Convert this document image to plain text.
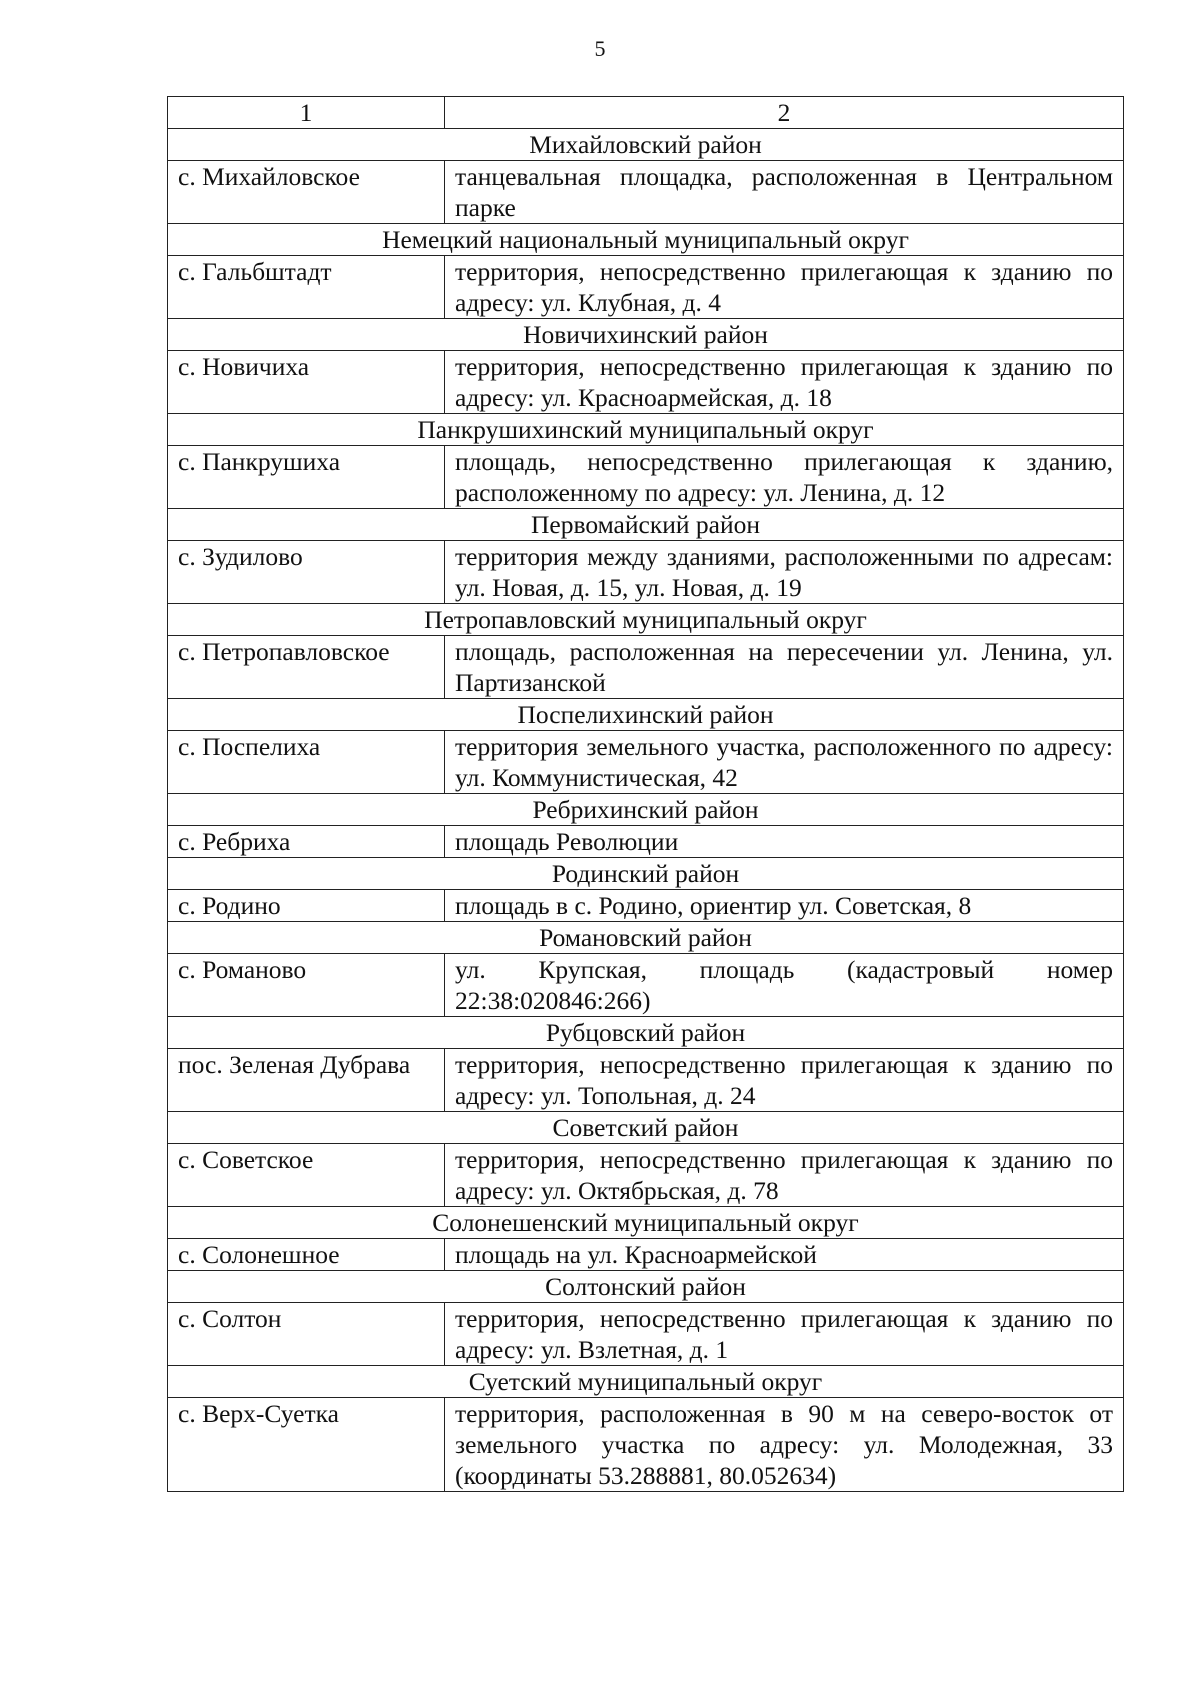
5
1	2
Михайловский район	
с. Михайловское	танцевальная площадка, расположенная в Центральном парке
Немецкий национальный муниципальный округ	
с. Гальбштадт	территория, непосредственно прилегающая к зданию по адресу: ул. Клубная, д. 4
Новичихинский район	
с. Новичиха	территория, непосредственно прилегающая к зданию по адресу: ул. Красноармейская, д. 18
Панкрушихинский муниципальный округ	
с. Панкрушиха	площадь, непосредственно прилегающая к зданию, расположенному по адресу: ул. Ленина, д. 12
Первомайский район	
с. Зудилово	территория между зданиями, расположенными по адресам: ул. Новая, д. 15, ул. Новая, д. 19
Петропавловский муниципальный округ	
с. Петропавловское	площадь, расположенная на пересечении ул. Ленина, ул. Партизанской
Поспелихинский район	
с. Поспелиха	территория земельного участка, расположенного по адресу: ул. Коммунистическая, 42
Ребрихинский район	
с. Ребриха	площадь Революции
Родинский район	
с. Родино	площадь в с. Родино, ориентир ул. Советская, 8
Романовский район	
с. Романово	ул. Крупская, площадь (кадастровый номер 22:38:020846:266)
Рубцовский район	
пос. Зеленая Дубрава	территория, непосредственно прилегающая к зданию по адресу: ул. Топольная, д. 24
Советский район	
с. Советское	территория, непосредственно прилегающая к зданию по адресу: ул. Октябрьская, д. 78
Солонешенский муниципальный округ	
с. Солонешное	площадь на ул. Красноармейской
Солтонский район	
с. Солтон	территория, непосредственно прилегающая к зданию по адресу: ул. Взлетная, д. 1
Суетский муниципальный округ	
с. Верх-Суетка	территория, расположенная в 90 м на северо-восток от земельного участка по адресу: ул. Молодежная, 33 (координаты 53.288881, 80.052634)
